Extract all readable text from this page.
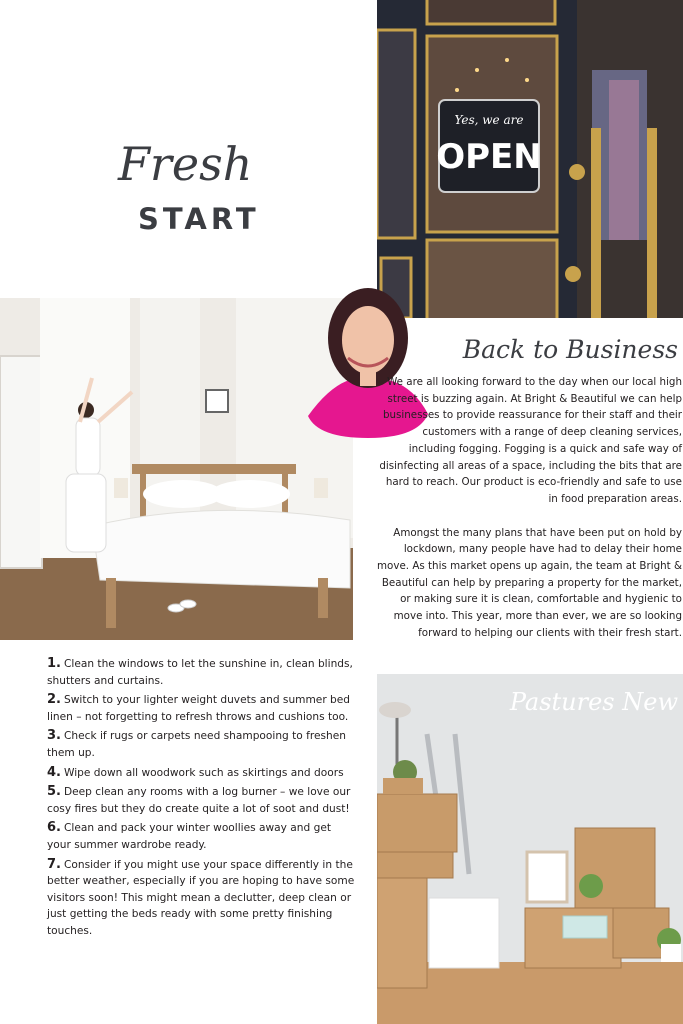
Fresh
START
Yes, we are
OPEN
Back to Business

We are all looking forward to the day when our local high street is buzzing again. At Bright & Beautiful we can help businesses to provide reassurance for their staff and their customers with a range of deep cleaning services, including fogging. Fogging is a quick and safe way of disinfecting all areas of a space, including the bits that are hard to reach. Our product is eco-friendly and safe to use in food preparation areas.

Amongst the many plans that have been put on hold by lockdown, many people have had to delay their home move. As this market opens up again, the team at Bright & Beautiful can help by preparing a property for the market, or making sure it is clean, comfortable and hygienic to move into. This year, more than ever, we are so looking forward to helping our clients with their fresh start.

1. Clean the windows to let the sunshine in, clean blinds, shutters and curtains.
2. Switch to your lighter weight duvets and summer bed linen – not forgetting to refresh throws and cushions too.
3. Check if rugs or carpets need shampooing to freshen them up.
4. Wipe down all woodwork such as skirtings and doors
5. Deep clean any rooms with a log burner – we love our cosy fires but they do create quite a lot of soot and dust!
6. Clean and pack your winter woollies away and get your summer wardrobe ready.
7. Consider if you might use your space differently in the better weather, especially if you are hoping to have some visitors soon! This might mean a declutter, deep clean or just getting the beds ready with some pretty finishing touches.
Pastures New
